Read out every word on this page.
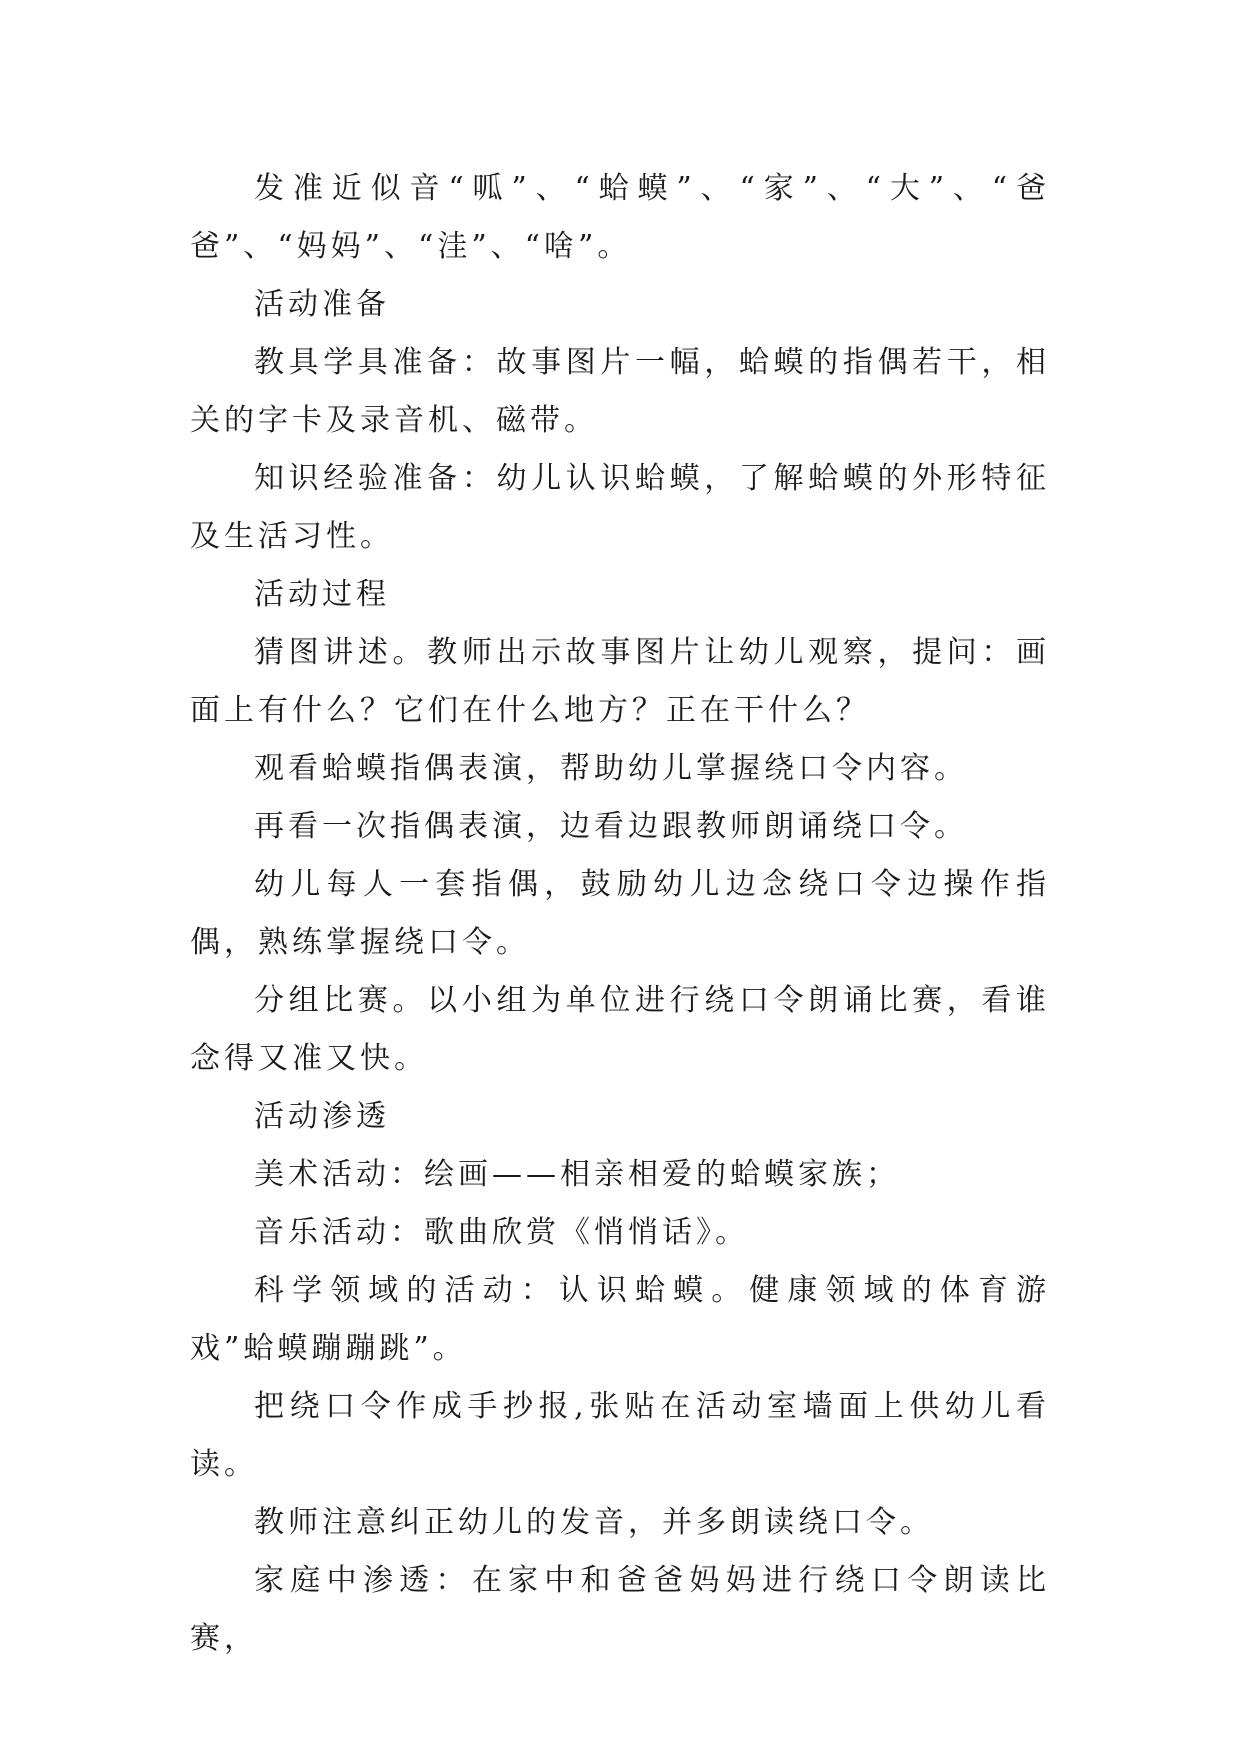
发准近似音“呱”、“蛤蟆”、“家”、“大”、“爸爸”、“妈妈”、“洼”、“啥”。

活动准备

教具学具准备：故事图片一幅，蛤蟆的指偶若干，相关的字卡及录音机、磁带。

知识经验准备：幼儿认识蛤蟆，了解蛤蟆的外形特征及生活习性。

活动过程

猜图讲述。教师出示故事图片让幼儿观察，提问：画面上有什么？它们在什么地方？正在干什么？

观看蛤蟆指偶表演，帮助幼儿掌握绕口令内容。

再看一次指偶表演，边看边跟教师朗诵绕口令。

幼儿每人一套指偶，鼓励幼儿边念绕口令边操作指偶，熟练掌握绕口令。

分组比赛。以小组为单位进行绕口令朗诵比赛，看谁念得又准又快。

活动渗透

美术活动：绘画——相亲相爱的蛤蟆家族；

音乐活动：歌曲欣赏《悄悄话》。

科学领域的活动：认识蛤蟆。健康领域的体育游戏”蛤蟆蹦蹦跳”。

把绕口令作成手抄报,张贴在活动室墙面上供幼儿看读。

教师注意纠正幼儿的发音，并多朗读绕口令。

家庭中渗透：在家中和爸爸妈妈进行绕口令朗读比赛，
